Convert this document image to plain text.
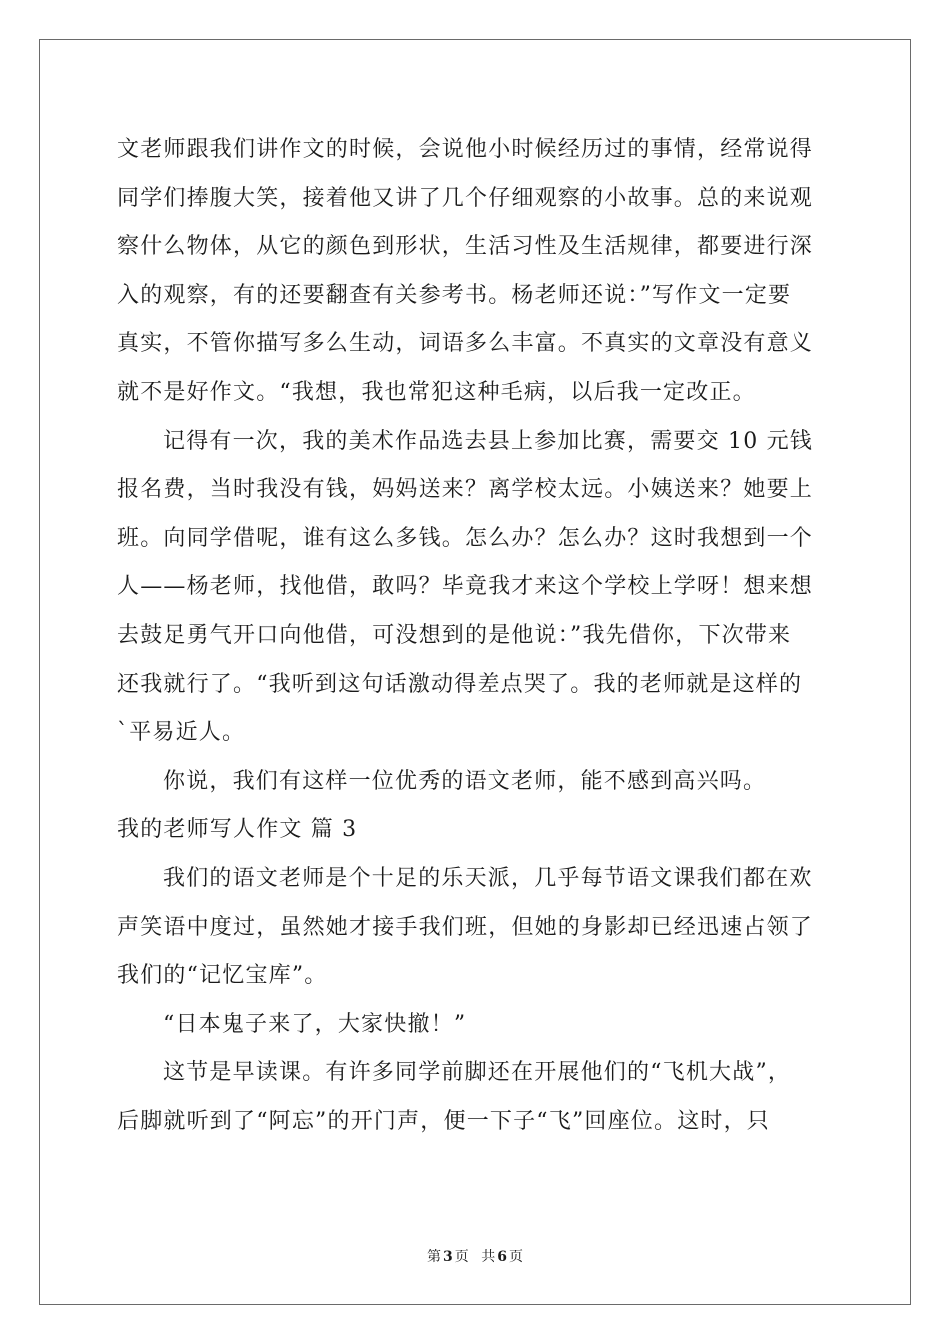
文老师跟我们讲作文的时候，会说他小时候经历过的事情，经常说得
同学们捧腹大笑，接着他又讲了几个仔细观察的小故事。总的来说观
察什么物体，从它的颜色到形状，生活习性及生活规律，都要进行深
入的观察，有的还要翻查有关参考书。杨老师还说：”写作文一定要
真实，不管你描写多么生动，词语多么丰富。不真实的文章没有意义
就不是好作文。“我想，我也常犯这种毛病，以后我一定改正。
记得有一次，我的美术作品选去县上参加比赛，需要交 10 元钱
报名费，当时我没有钱，妈妈送来？离学校太远。小姨送来？她要上
班。向同学借呢，谁有这么多钱。怎么办？怎么办？这时我想到一个
人——杨老师，找他借，敢吗？毕竟我才来这个学校上学呀！想来想
去鼓足勇气开口向他借，可没想到的是他说：”我先借你，下次带来
还我就行了。“我听到这句话激动得差点哭了。我的老师就是这样的
`平易近人。
你说，我们有这样一位优秀的语文老师，能不感到高兴吗。
我的老师写人作文 篇 3
我们的语文老师是个十足的乐天派，几乎每节语文课我们都在欢
声笑语中度过，虽然她才接手我们班，但她的身影却已经迅速占领了
我们的“记忆宝库”。
“日本鬼子来了，大家快撤！”
这节是早读课。有许多同学前脚还在开展他们的“飞机大战”，
后脚就听到了“阿忘”的开门声，便一下子“飞”回座位。这时，只
第 3 页 共 6 页
